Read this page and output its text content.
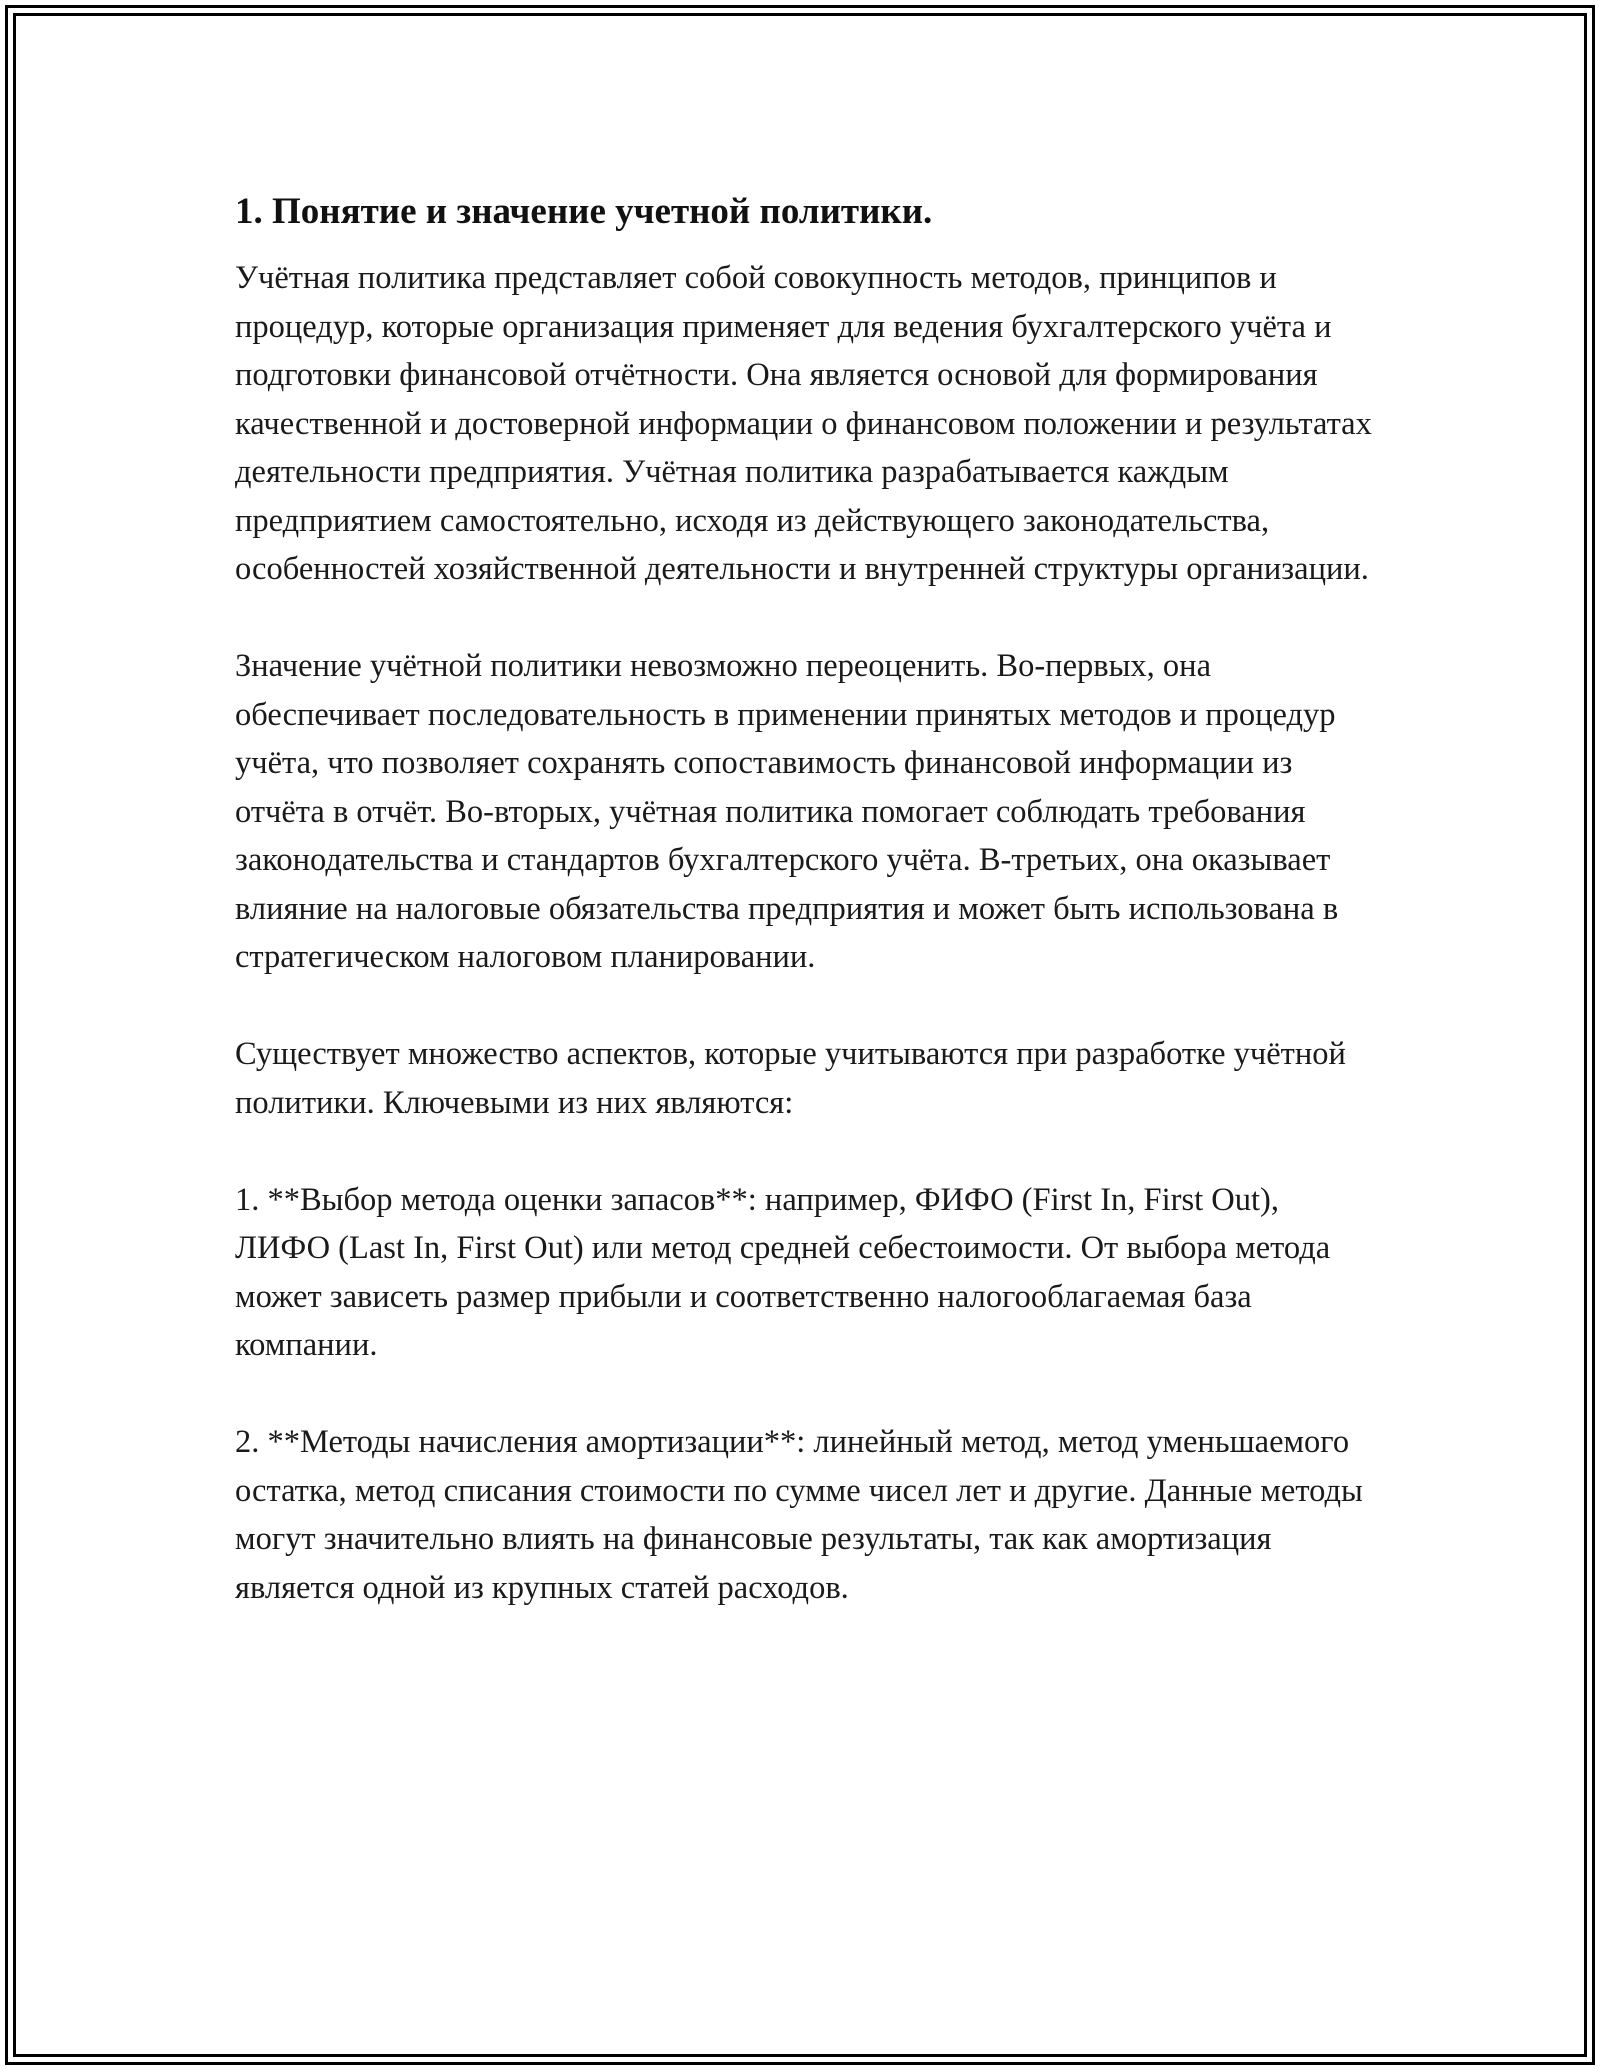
1. Понятие и значение учетной политики.

Учётная политика представляет собой совокупность методов, принципов и процедур, которые организация применяет для ведения бухгалтерского учёта и подготовки финансовой отчётности. Она является основой для формирования качественной и достоверной информации о финансовом положении и результатах деятельности предприятия. Учётная политика разрабатывается каждым предприятием самостоятельно, исходя из действующего законодательства, особенностей хозяйственной деятельности и внутренней структуры организации.

Значение учётной политики невозможно переоценить. Во-первых, она обеспечивает последовательность в применении принятых методов и процедур учёта, что позволяет сохранять сопоставимость финансовой информации из отчёта в отчёт. Во-вторых, учётная политика помогает соблюдать требования законодательства и стандартов бухгалтерского учёта. В-третьих, она оказывает влияние на налоговые обязательства предприятия и может быть использована в стратегическом налоговом планировании.

Существует множество аспектов, которые учитываются при разработке учётной политики. Ключевыми из них являются:

1. **Выбор метода оценки запасов**: например, ФИФО (First In, First Out), ЛИФО (Last In, First Out) или метод средней себестоимости. От выбора метода может зависеть размер прибыли и соответственно налогооблагаемая база компании.

2. **Методы начисления амортизации**: линейный метод, метод уменьшаемого остатка, метод списания стоимости по сумме чисел лет и другие. Данные методы могут значительно влиять на финансовые результаты, так как амортизация является одной из крупных статей расходов.
